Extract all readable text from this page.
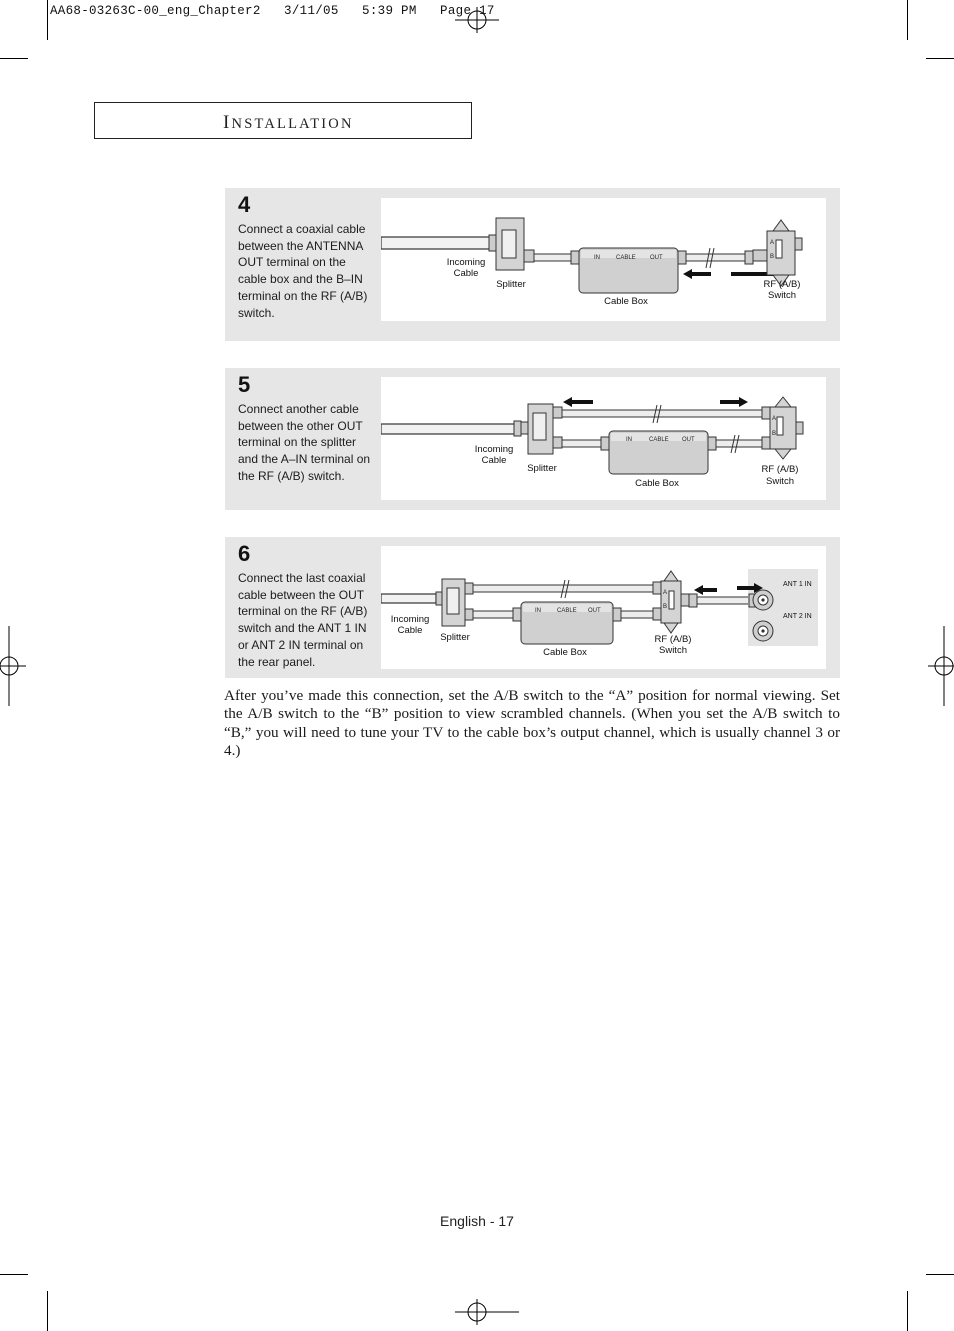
AA68-03263C-00_eng_Chapter2   3/11/05   5:39 PM   Page 17
INSTALLATION
4
Connect a coaxial cable between the ANTENNA OUT terminal on the cable box and the B–IN terminal on the RF (A/B) switch.
IN	CABLE OUT
A
B
Incoming
Cable
Splitter
Cable Box
RF (A/B)
Switch
5
Connect another cable between the other OUT terminal on the splitter and the A–IN terminal on the RF (A/B) switch.
IN	CABLE OUT
A
B
Incoming
Cable
Splitter
Cable Box
RF (A/B)
Switch
6
Connect the last coaxial cable between the OUT terminal on the RF (A/B) switch and the ANT 1 IN or ANT 2 IN terminal on the rear panel.
IN	CABLE OUT
A
B
ANT 1 IN
ANT 2 IN
Incoming
Cable
Splitter
Cable Box
RF (A/B)
Switch
After you’ve made this connection, set the A/B switch to the “A” position for normal viewing. Set the A/B switch to the “B” position to view scrambled channels. (When you set the A/B switch to “B,” you will need to tune your TV to the cable box’s output channel, which is usually channel 3 or 4.)
English - 17
